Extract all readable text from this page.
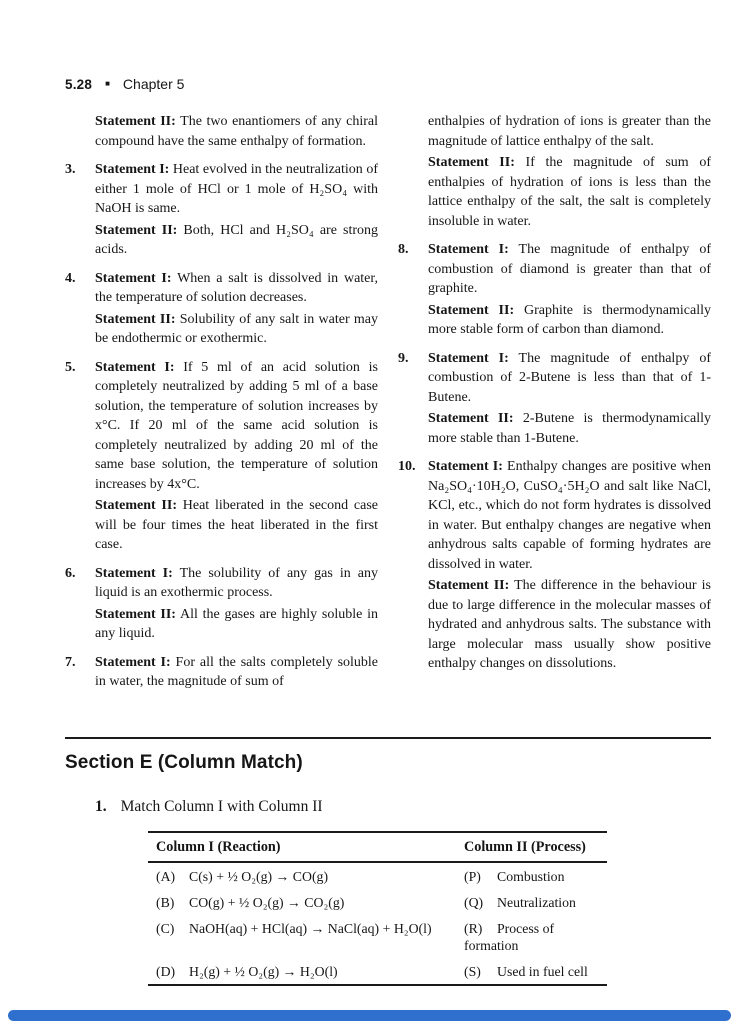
5.28 ■ Chapter 5

Statement II: The two enantiomers of any chiral compound have the same enthalpy of formation.

3.	Statement I: Heat evolved in the neutralization of either 1 mole of HCl or 1 mole of H₂SO₄ with NaOH is same.

Statement II: Both, HCl and H₂SO₄ are strong acids.

4.	Statement I: When a salt is dissolved in water, the temperature of solution decreases.

Statement II: Solubility of any salt in water may be endothermic or exothermic.

5.	Statement I: If 5 ml of an acid solution is completely neutralized by adding 5 ml of a base solution, the temperature of solution increases by x°C. If 20 ml of the same acid solution is completely neutralized by adding 20 ml of the same base solution, the temperature of solution increases by 4x°C.

Statement II: Heat liberated in the second case will be four times the heat liberated in the first case.

6.	Statement I: The solubility of any gas in any liquid is an exothermic process.

Statement II: All the gases are highly soluble in any liquid.

7.	Statement I: For all the salts completely soluble in water, the magnitude of sum of

enthalpies of hydration of ions is greater than the magnitude of lattice enthalpy of the salt.

Statement II: If the magnitude of sum of enthalpies of hydration of ions is less than the lattice enthalpy of the salt, the salt is completely insoluble in water.

8.	Statement I: The magnitude of enthalpy of combustion of diamond is greater than that of graphite.

Statement II: Graphite is thermodynamically more stable form of carbon than diamond.

9.	Statement I: The magnitude of enthalpy of combustion of 2-Butene is less than that of 1-Butene.

Statement II: 2-Butene is thermodynamically more stable than 1-Butene.

10. Statement I: Enthalpy changes are positive when Na₂SO₄·10H₂O, CuSO₄·5H₂O and salt like NaCl, KCl, etc., which do not form hydrates is dissolved in water. But enthalpy changes are negative when anhydrous salts capable of forming hydrates are dissolved in water.

Statement II: The difference in the behaviour is due to large difference in the molecular masses of hydrated and anhydrous salts. The substance with large molecular mass usually show positive enthalpy changes on dissolutions.

Section E (Column Match)
1. Match Column I with Column II
Column I (Reaction)	Column II (Process)
(A) C(s) + ½ O₂(g) → CO(g)	(P) Combustion
(B) CO(g) + ½ O₂(g) → CO₂(g)	(Q) Neutralization
(C) NaOH(aq) + HCl(aq) → NaCl(aq) + H₂O(l)	(R) Process of formation
(D) H₂(g) + ½ O₂(g) → H₂O(l)	(S) Used in fuel cell
